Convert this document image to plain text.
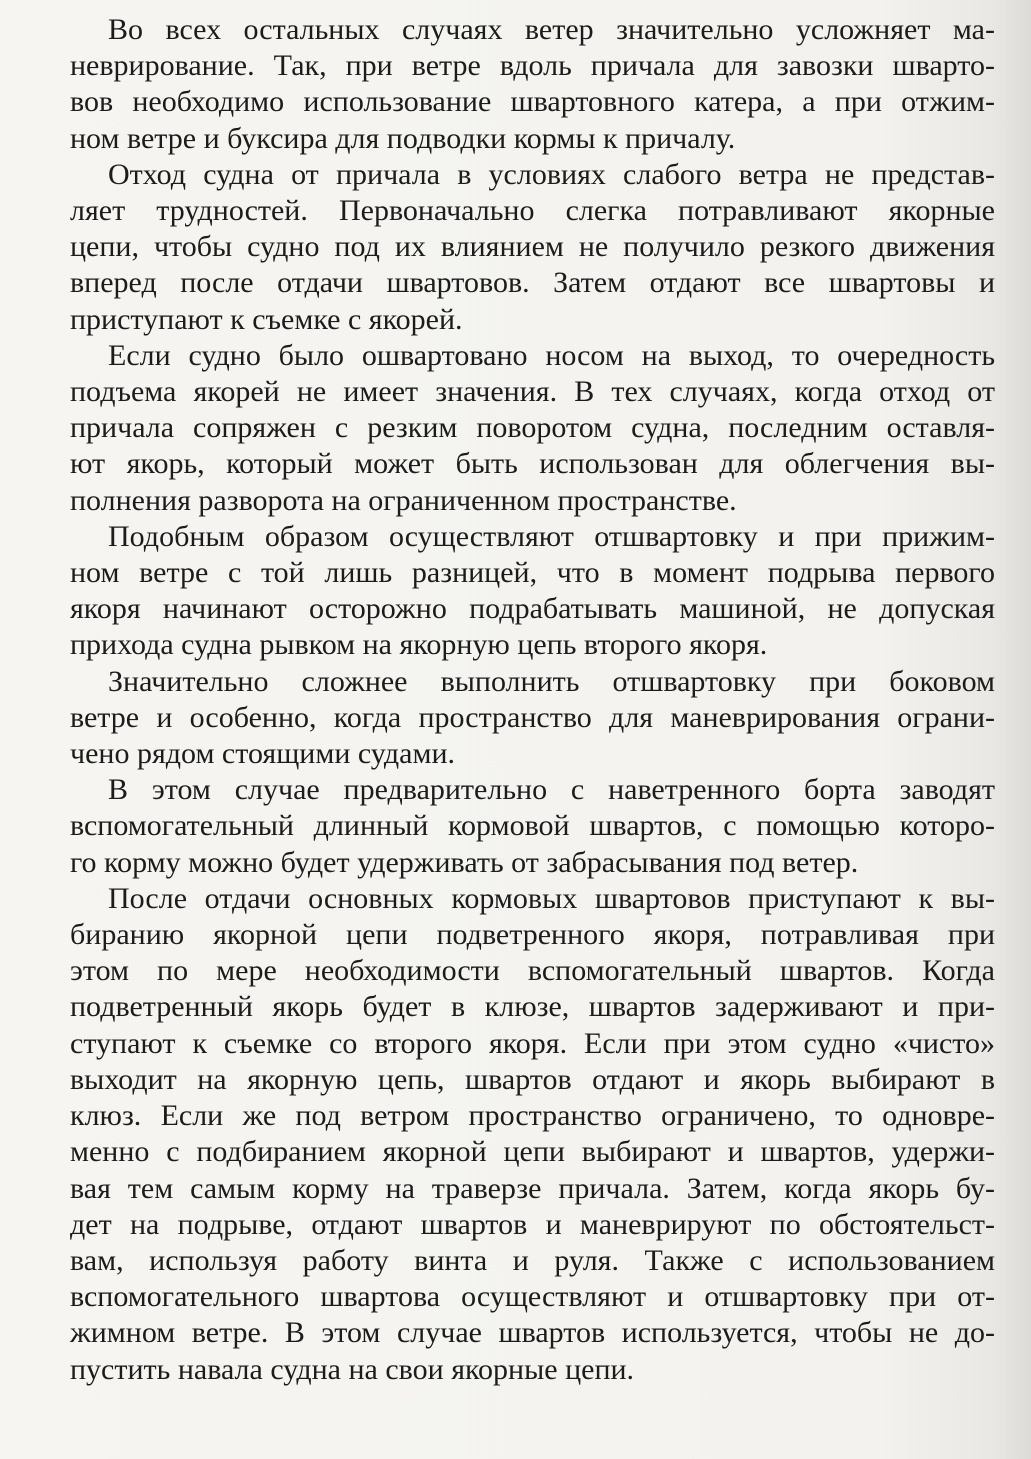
Во всех остальных случаях ветер значительно усложняет ма-
неврирование. Так, при ветре вдоль причала для завозки шварто-
вов необходимо использование швартовного катера, а при отжим-
ном ветре и буксира для подводки кормы к причалу.
Отход судна от причала в условиях слабого ветра не представ-
ляет трудностей. Первоначально слегка потравливают якорные
цепи, чтобы судно под их влиянием не получило резкого движения
вперед после отдачи швартовов. Затем отдают все швартовы и
приступают к съемке с якорей.
Если судно было ошвартовано носом на выход, то очередность
подъема якорей не имеет значения. В тех случаях, когда отход от
причала сопряжен с резким поворотом судна, последним оставля-
ют якорь, который может быть использован для облегчения вы-
полнения разворота на ограниченном пространстве.
Подобным образом осуществляют отшвартовку и при прижим-
ном ветре с той лишь разницей, что в момент подрыва первого
якоря начинают осторожно подрабатывать машиной, не допуская
прихода судна рывком на якорную цепь второго якоря.
Значительно сложнее выполнить отшвартовку при боковом
ветре и особенно, когда пространство для маневрирования ограни-
чено рядом стоящими судами.
В этом случае предварительно с наветренного борта заводят
вспомогательный длинный кормовой швартов, с помощью которо-
го корму можно будет удерживать от забрасывания под ветер.
После отдачи основных кормовых швартовов приступают к вы-
биранию якорной цепи подветренного якоря, потравливая при
этом по мере необходимости вспомогательный швартов. Когда
подветренный якорь будет в клюзе, швартов задерживают и при-
ступают к съемке со второго якоря. Если при этом судно «чисто»
выходит на якорную цепь, швартов отдают и якорь выбирают в
клюз. Если же под ветром пространство ограничено, то одновре-
менно с подбиранием якорной цепи выбирают и швартов, удержи-
вая тем самым корму на траверзе причала. Затем, когда якорь бу-
дет на подрыве, отдают швартов и маневрируют по обстоятельст-
вам, используя работу винта и руля. Также с использованием
вспомогательного швартова осуществляют и отшвартовку при от-
жимном ветре. В этом случае швартов используется, чтобы не до-
пустить навала судна на свои якорные цепи.
